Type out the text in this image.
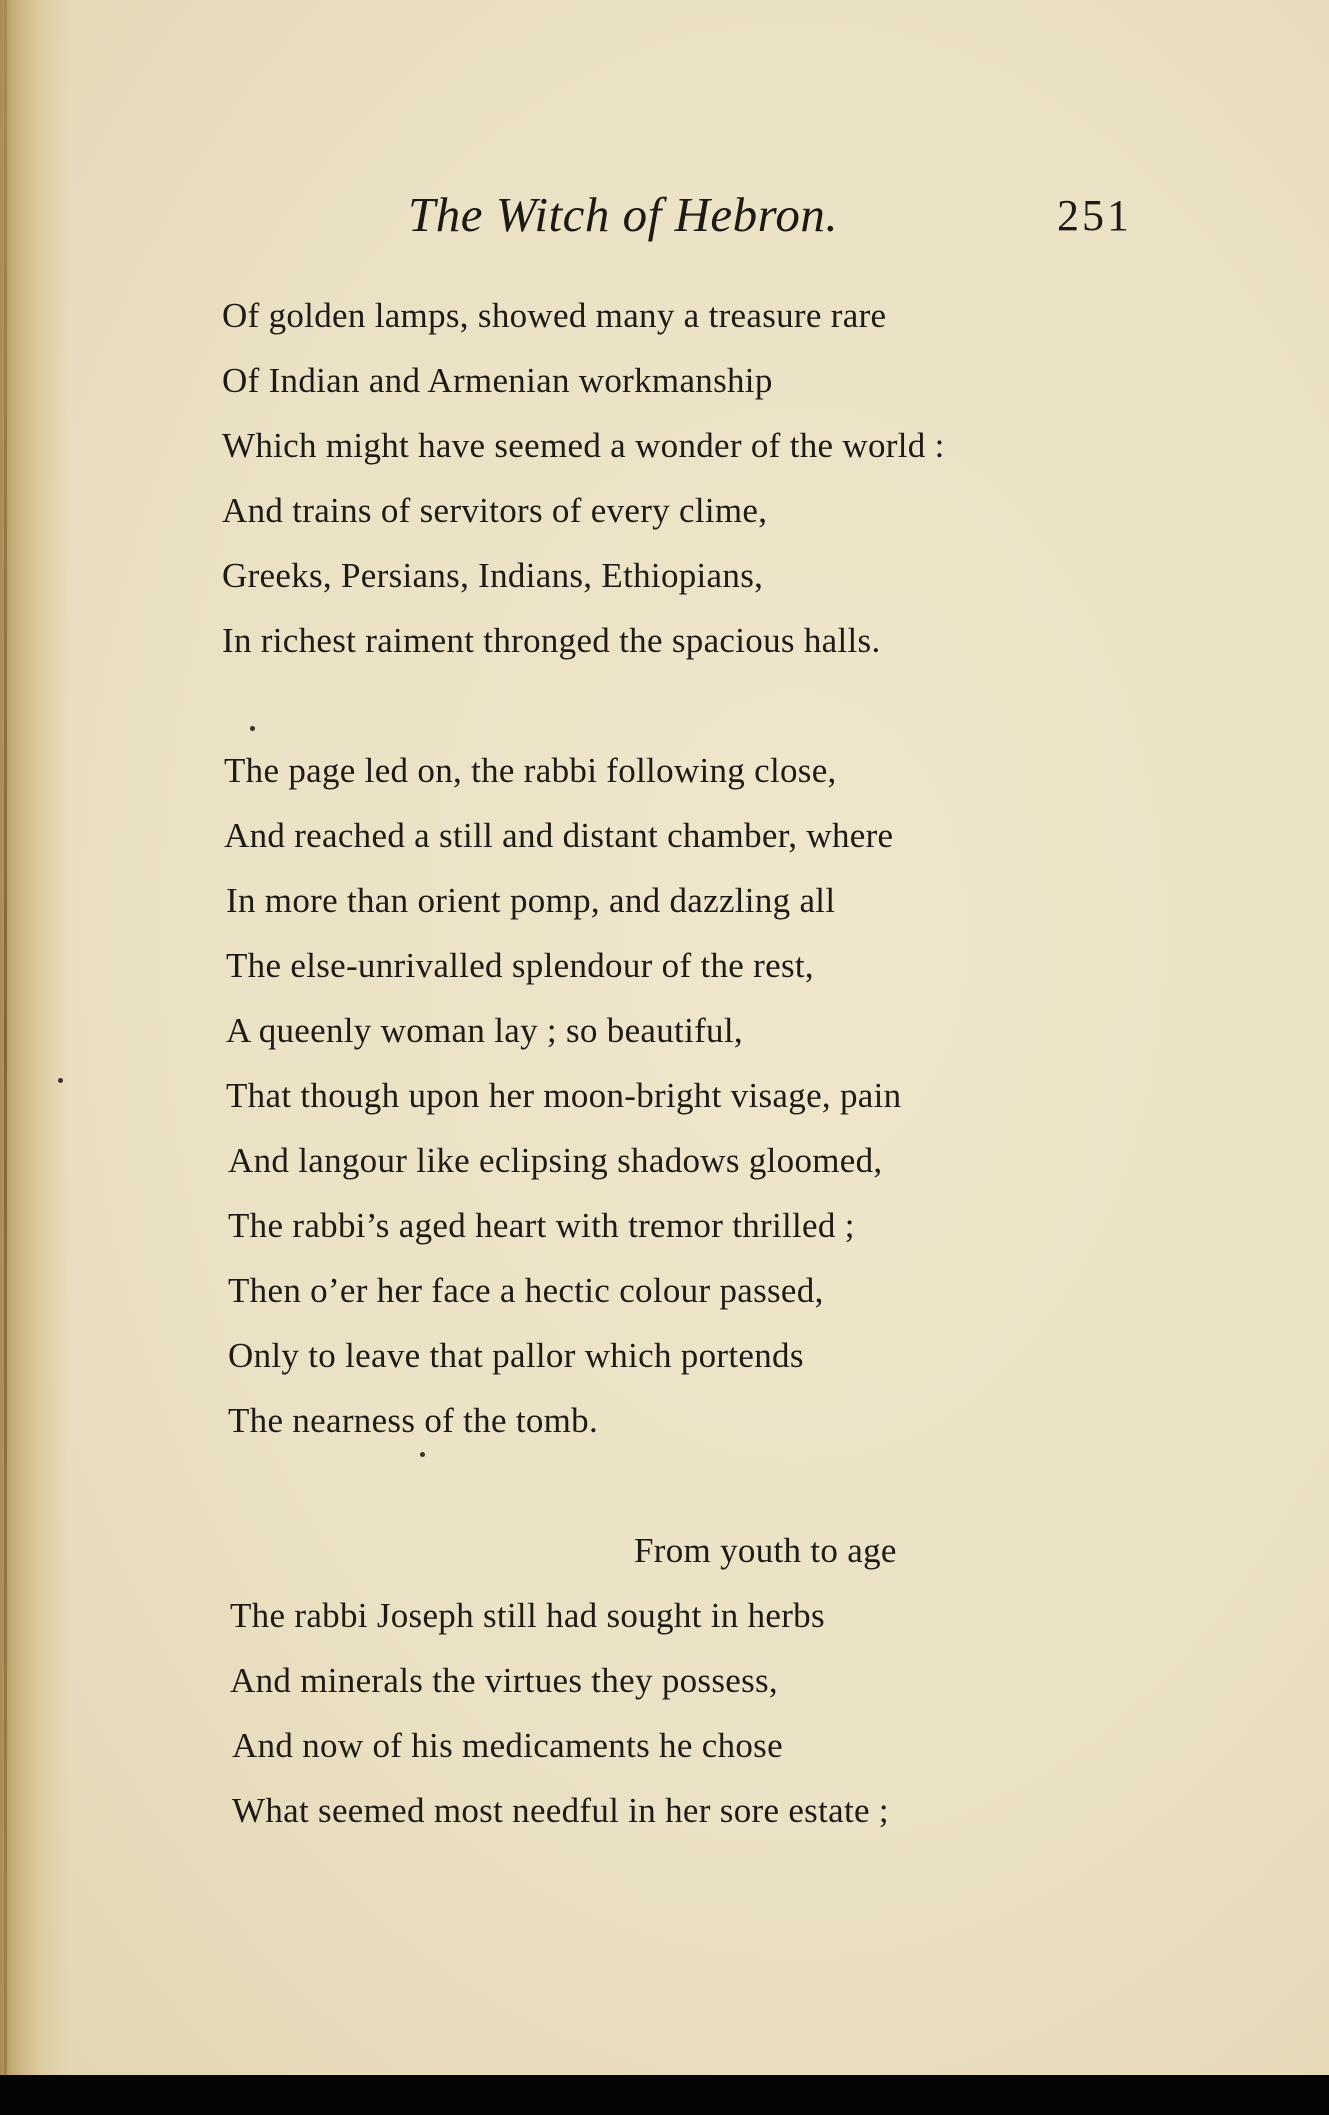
The Witch of Hebron.	251
Of golden lamps, showed many a treasure rare
Of Indian and Armenian workmanship
Which might have seemed a wonder of the world :
And trains of servitors of every clime,
Greeks, Persians, Indians, Ethiopians,
In richest raiment thronged the spacious halls.
The page led on, the rabbi following close,
And reached a still and distant chamber, where
In more than orient pomp, and dazzling all
The else-unrivalled splendour of the rest,
A queenly woman lay ; so beautiful,
That though upon her moon-bright visage, pain
And langour like eclipsing shadows gloomed,
The rabbi’s aged heart with tremor thrilled ;
Then o’er her face a hectic colour passed,
Only to leave that pallor which portends
The nearness of the tomb.
From youth to age
The rabbi Joseph still had sought in herbs
And minerals the virtues they possess,
And now of his medicaments he chose
What seemed most needful in her sore estate ;
